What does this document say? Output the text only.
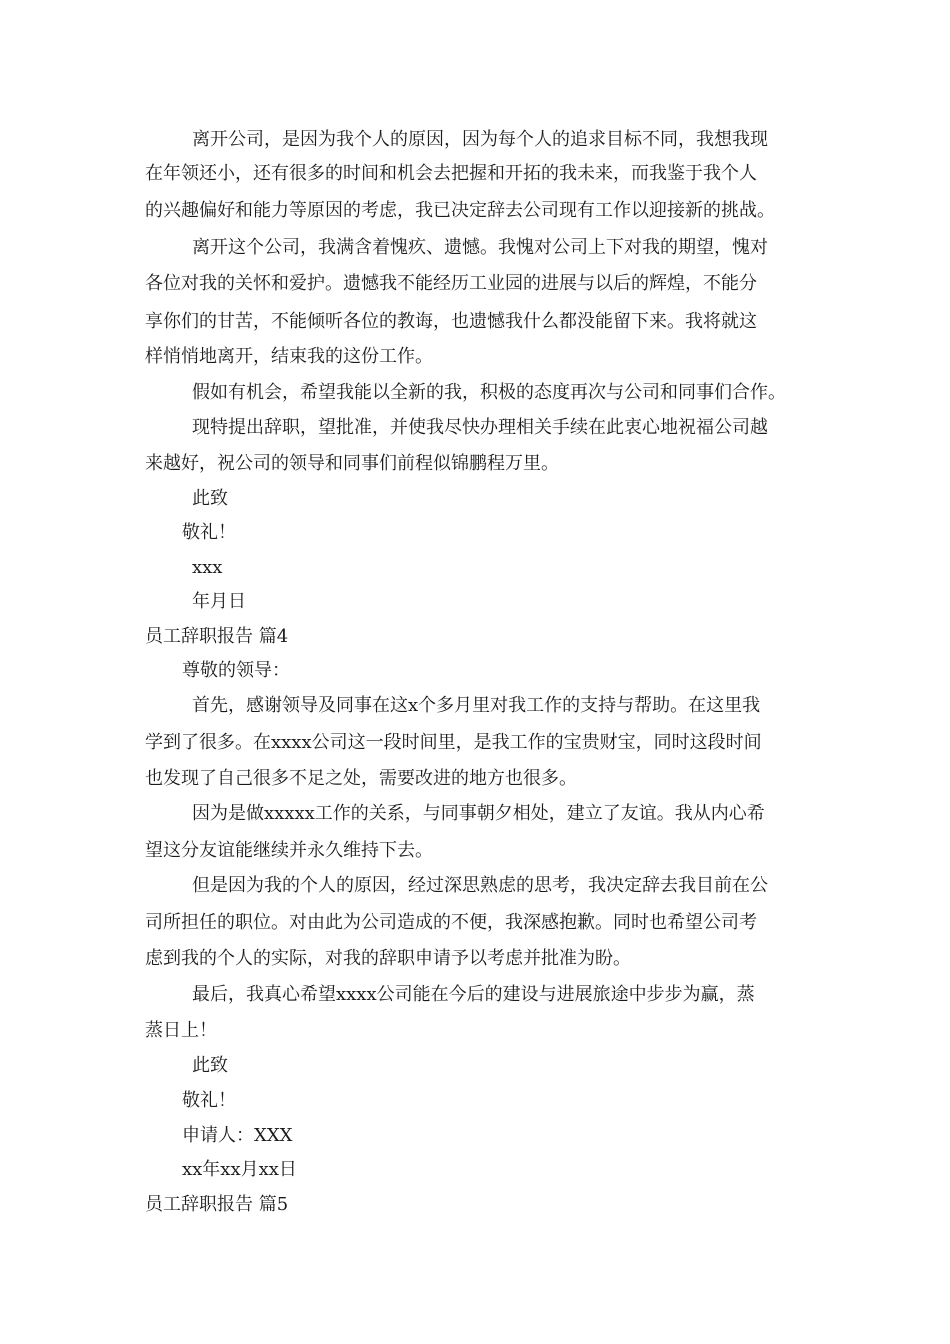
离开公司，是因为我个人的原因，因为每个人的追求目标不同，我想我现
在年领还小，还有很多的时间和机会去把握和开拓的我未来，而我鉴于我个人
的兴趣偏好和能力等原因的考虑，我已决定辞去公司现有工作以迎接新的挑战。
离开这个公司，我满含着愧疚、遗憾。我愧对公司上下对我的期望，愧对
各位对我的关怀和爱护。遗憾我不能经历工业园的进展与以后的辉煌，不能分
享你们的甘苦，不能倾听各位的教诲，也遗憾我什么都没能留下来。我将就这
样悄悄地离开，结束我的这份工作。
假如有机会，希望我能以全新的我，积极的态度再次与公司和同事们合作。
现特提出辞职，望批准，并使我尽快办理相关手续在此衷心地祝福公司越
来越好，祝公司的领导和同事们前程似锦鹏程万里。
此致
敬礼！
xxx
年月日
员工辞职报告 篇4
尊敬的领导：
首先，感谢领导及同事在这x个多月里对我工作的支持与帮助。在这里我
学到了很多。在xxxx公司这一段时间里，是我工作的宝贵财宝，同时这段时间
也发现了自己很多不足之处，需要改进的地方也很多。
因为是做xxxxx工作的关系，与同事朝夕相处，建立了友谊。我从内心希
望这分友谊能继续并永久维持下去。
但是因为我的个人的原因，经过深思熟虑的思考，我决定辞去我目前在公
司所担任的职位。对由此为公司造成的不便，我深感抱歉。同时也希望公司考
虑到我的个人的实际，对我的辞职申请予以考虑并批准为盼。
最后，我真心希望xxxx公司能在今后的建设与进展旅途中步步为赢，蒸
蒸日上！
此致
敬礼！
申请人：XXX
xx年xx月xx日
员工辞职报告 篇5
